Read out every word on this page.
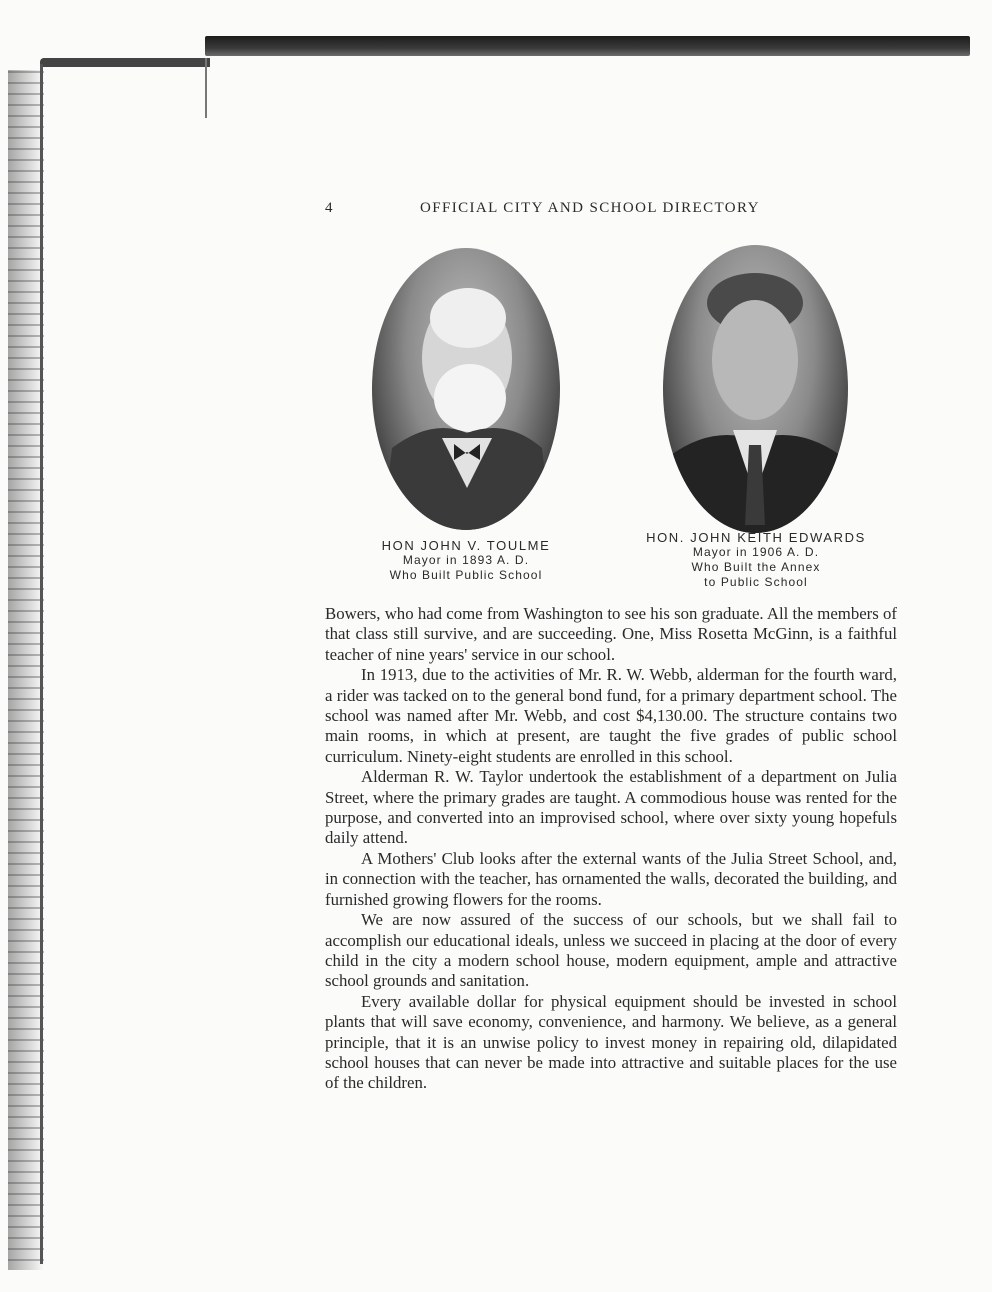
4	OFFICIAL CITY AND SCHOOL DIRECTORY
HON JOHN V. TOULME
Mayor in 1893 A. D.
Who Built Public School
HON. JOHN KEITH EDWARDS
Mayor in 1906 A. D.
Who Built the Annex
to Public School

Bowers, who had come from Washington to see his son graduate. All the members of that class still survive, and are succeeding. One, Miss Rosetta McGinn, is a faithful teacher of nine years' service in our school.

In 1913, due to the activities of Mr. R. W. Webb, alderman for the fourth ward, a rider was tacked on to the general bond fund, for a primary department school. The school was named after Mr. Webb, and cost $4,130.00. The structure contains two main rooms, in which at present, are taught the five grades of public school curriculum. Ninety-eight students are enrolled in this school.

Alderman R. W. Taylor undertook the establishment of a department on Julia Street, where the primary grades are taught. A commodious house was rented for the purpose, and converted into an improvised school, where over sixty young hopefuls daily attend.

A Mothers' Club looks after the external wants of the Julia Street School, and, in connection with the teacher, has ornamented the walls, decorated the building, and furnished growing flowers for the rooms.

We are now assured of the success of our schools, but we shall fail to accomplish our educational ideals, unless we succeed in placing at the door of every child in the city a modern school house, modern equipment, ample and attractive school grounds and sanitation.

Every available dollar for physical equipment should be invested in school plants that will save economy, convenience, and harmony. We believe, as a general principle, that it is an unwise policy to invest money in repairing old, dilapidated school houses that can never be made into attractive and suitable places for the use of the children.
